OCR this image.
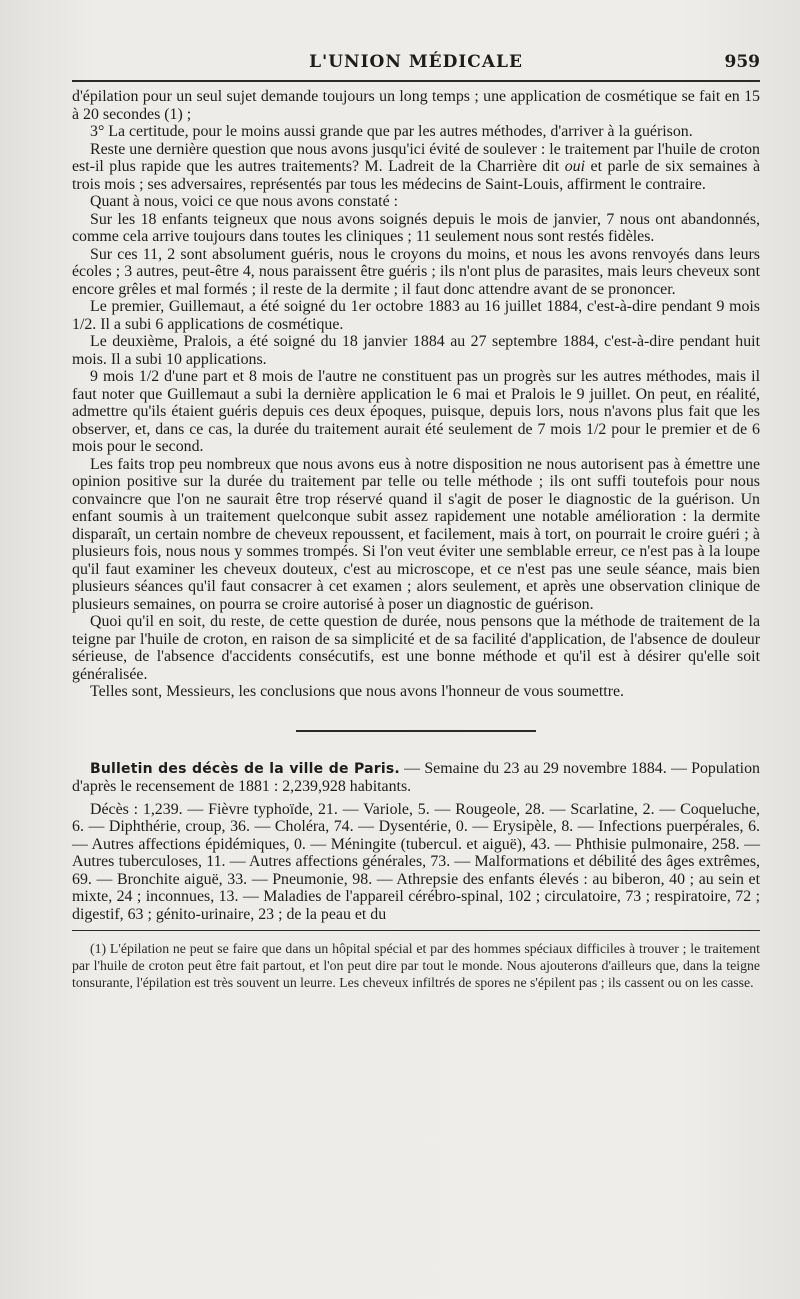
L'UNION MÉDICALE	959

d'épilation pour un seul sujet demande toujours un long temps ; une application de cosmétique se fait en 15 à 20 secondes (1) ;

3° La certitude, pour le moins aussi grande que par les autres méthodes, d'arriver à la guérison.

Reste une dernière question que nous avons jusqu'ici évité de soulever : le traitement par l'huile de croton est-il plus rapide que les autres traitements? M. Ladreit de la Charrière dit oui et parle de six semaines à trois mois ; ses adversaires, représentés par tous les médecins de Saint-Louis, affirment le contraire.

Quant à nous, voici ce que nous avons constaté :

Sur les 18 enfants teigneux que nous avons soignés depuis le mois de janvier, 7 nous ont abandonnés, comme cela arrive toujours dans toutes les cliniques ; 11 seulement nous sont restés fidèles.

Sur ces 11, 2 sont absolument guéris, nous le croyons du moins, et nous les avons renvoyés dans leurs écoles ; 3 autres, peut-être 4, nous paraissent être guéris ; ils n'ont plus de parasites, mais leurs cheveux sont encore grêles et mal formés ; il reste de la dermite ; il faut donc attendre avant de se prononcer.

Le premier, Guillemaut, a été soigné du 1er octobre 1883 au 16 juillet 1884, c'est-à-dire pendant 9 mois 1/2. Il a subi 6 applications de cosmétique.

Le deuxième, Pralois, a été soigné du 18 janvier 1884 au 27 septembre 1884, c'est-à-dire pendant huit mois. Il a subi 10 applications.

9 mois 1/2 d'une part et 8 mois de l'autre ne constituent pas un progrès sur les autres méthodes, mais il faut noter que Guillemaut a subi la dernière application le 6 mai et Pralois le 9 juillet. On peut, en réalité, admettre qu'ils étaient guéris depuis ces deux époques, puisque, depuis lors, nous n'avons plus fait que les observer, et, dans ce cas, la durée du traitement aurait été seulement de 7 mois 1/2 pour le premier et de 6 mois pour le second.

Les faits trop peu nombreux que nous avons eus à notre disposition ne nous autorisent pas à émettre une opinion positive sur la durée du traitement par telle ou telle méthode ; ils ont suffi toutefois pour nous convaincre que l'on ne saurait être trop réservé quand il s'agit de poser le diagnostic de la guérison. Un enfant soumis à un traitement quelconque subit assez rapidement une notable amélioration : la dermite disparaît, un certain nombre de cheveux repoussent, et facilement, mais à tort, on pourrait le croire guéri ; à plusieurs fois, nous nous y sommes trompés. Si l'on veut éviter une semblable erreur, ce n'est pas à la loupe qu'il faut examiner les cheveux douteux, c'est au microscope, et ce n'est pas une seule séance, mais bien plusieurs séances qu'il faut consacrer à cet examen ; alors seulement, et après une observation clinique de plusieurs semaines, on pourra se croire autorisé à poser un diagnostic de guérison.

Quoi qu'il en soit, du reste, de cette question de durée, nous pensons que la méthode de traitement de la teigne par l'huile de croton, en raison de sa simplicité et de sa facilité d'application, de l'absence de douleur sérieuse, de l'absence d'accidents consécutifs, est une bonne méthode et qu'il est à désirer qu'elle soit généralisée.

Telles sont, Messieurs, les conclusions que nous avons l'honneur de vous soumettre.

Bulletin des décès de la ville de Paris. — Semaine du 23 au 29 novembre 1884. — Population d'après le recensement de 1881 : 2,239,928 habitants.

Décès : 1,239. — Fièvre typhoïde, 21. — Variole, 5. — Rougeole, 28. — Scarlatine, 2. — Coqueluche, 6. — Diphthérie, croup, 36. — Choléra, 74. — Dysentérie, 0. — Erysipèle, 8. — Infections puerpérales, 6. — Autres affections épidémiques, 0. — Méningite (tubercul. et aiguë), 43. — Phthisie pulmonaire, 258. — Autres tuberculoses, 11. — Autres affections générales, 73. — Malformations et débilité des âges extrêmes, 69. — Bronchite aiguë, 33. — Pneumonie, 98. — Athrepsie des enfants élevés : au biberon, 40 ; au sein et mixte, 24 ; inconnues, 13. — Maladies de l'appareil cérébro-spinal, 102 ; circulatoire, 73 ; respiratoire, 72 ; digestif, 63 ; génito-urinaire, 23 ; de la peau et du

(1) L'épilation ne peut se faire que dans un hôpital spécial et par des hommes spéciaux difficiles à trouver ; le traitement par l'huile de croton peut être fait partout, et l'on peut dire par tout le monde. Nous ajouterons d'ailleurs que, dans la teigne tonsurante, l'épilation est très souvent un leurre. Les cheveux infiltrés de spores ne s'épilent pas ; ils cassent ou on les casse.
